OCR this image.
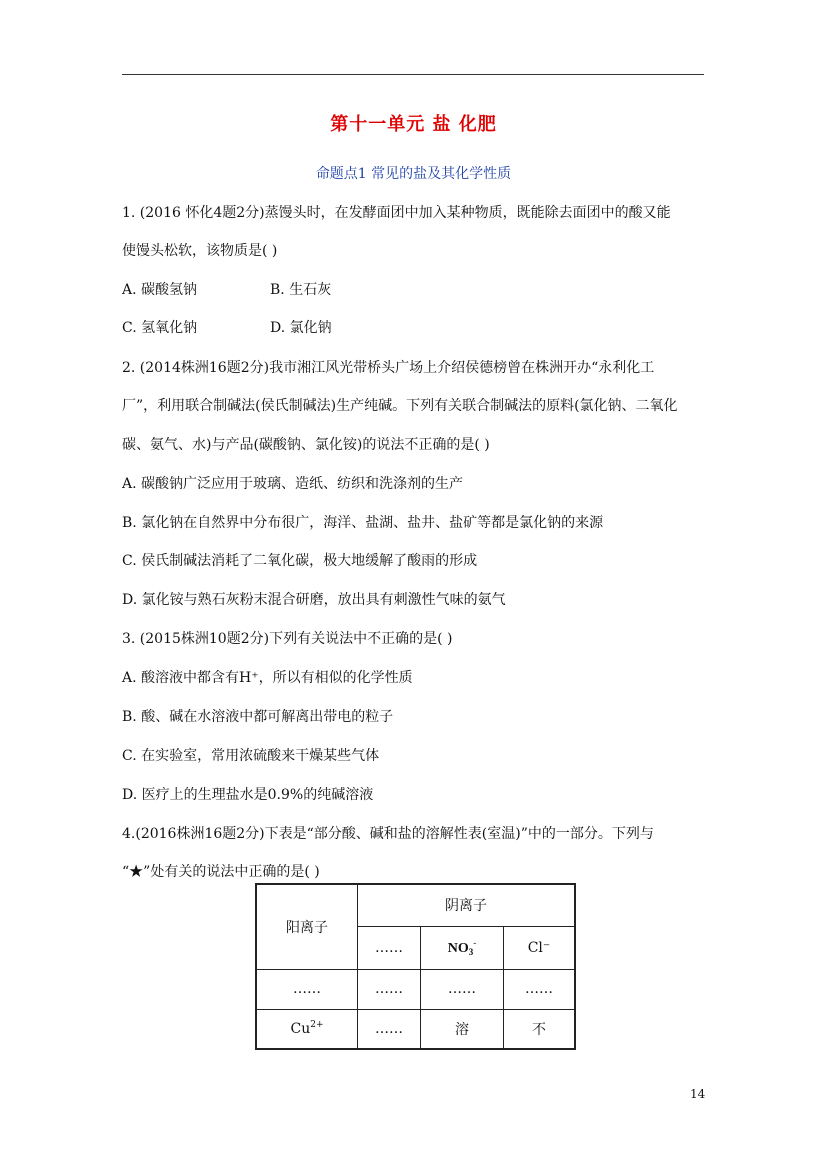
第十一单元 盐 化肥
命题点1 常见的盐及其化学性质
1. (2016 怀化4题2分)蒸馒头时，在发酵面团中加入某种物质，既能除去面团中的酸又能
使馒头松软，该物质是( )
A. 碳酸氢钠	B. 生石灰
C. 氢氧化钠	D. 氯化钠
2. (2014株洲16题2分)我市湘江风光带桥头广场上介绍侯德榜曾在株洲开办“永利化工
厂”，利用联合制碱法(侯氏制碱法)生产纯碱。下列有关联合制碱法的原料(氯化钠、二氧化
碳、氨气、水)与产品(碳酸钠、氯化铵)的说法不正确的是( )
A. 碳酸钠广泛应用于玻璃、造纸、纺织和洗涤剂的生产
B. 氯化钠在自然界中分布很广，海洋、盐湖、盐井、盐矿等都是氯化钠的来源
C. 侯氏制碱法消耗了二氧化碳，极大地缓解了酸雨的形成
D. 氯化铵与熟石灰粉末混合研磨，放出具有刺激性气味的氨气
3. (2015株洲10题2分)下列有关说法中不正确的是( )
A. 酸溶液中都含有H⁺，所以有相似的化学性质
B. 酸、碱在水溶液中都可解离出带电的粒子
C. 在实验室，常用浓硫酸来干燥某些气体
D. 医疗上的生理盐水是0.9%的纯碱溶液
4.(2016株洲16题2分)下表是“部分酸、碱和盐的溶解性表(室温)”中的一部分。下列与
“★”处有关的说法中正确的是( )
阳离子	阴离子		
	……	$NO_3^-$	Cl⁻
……	……	……	……
$Cu^{2+}$	……	溶	不
14
